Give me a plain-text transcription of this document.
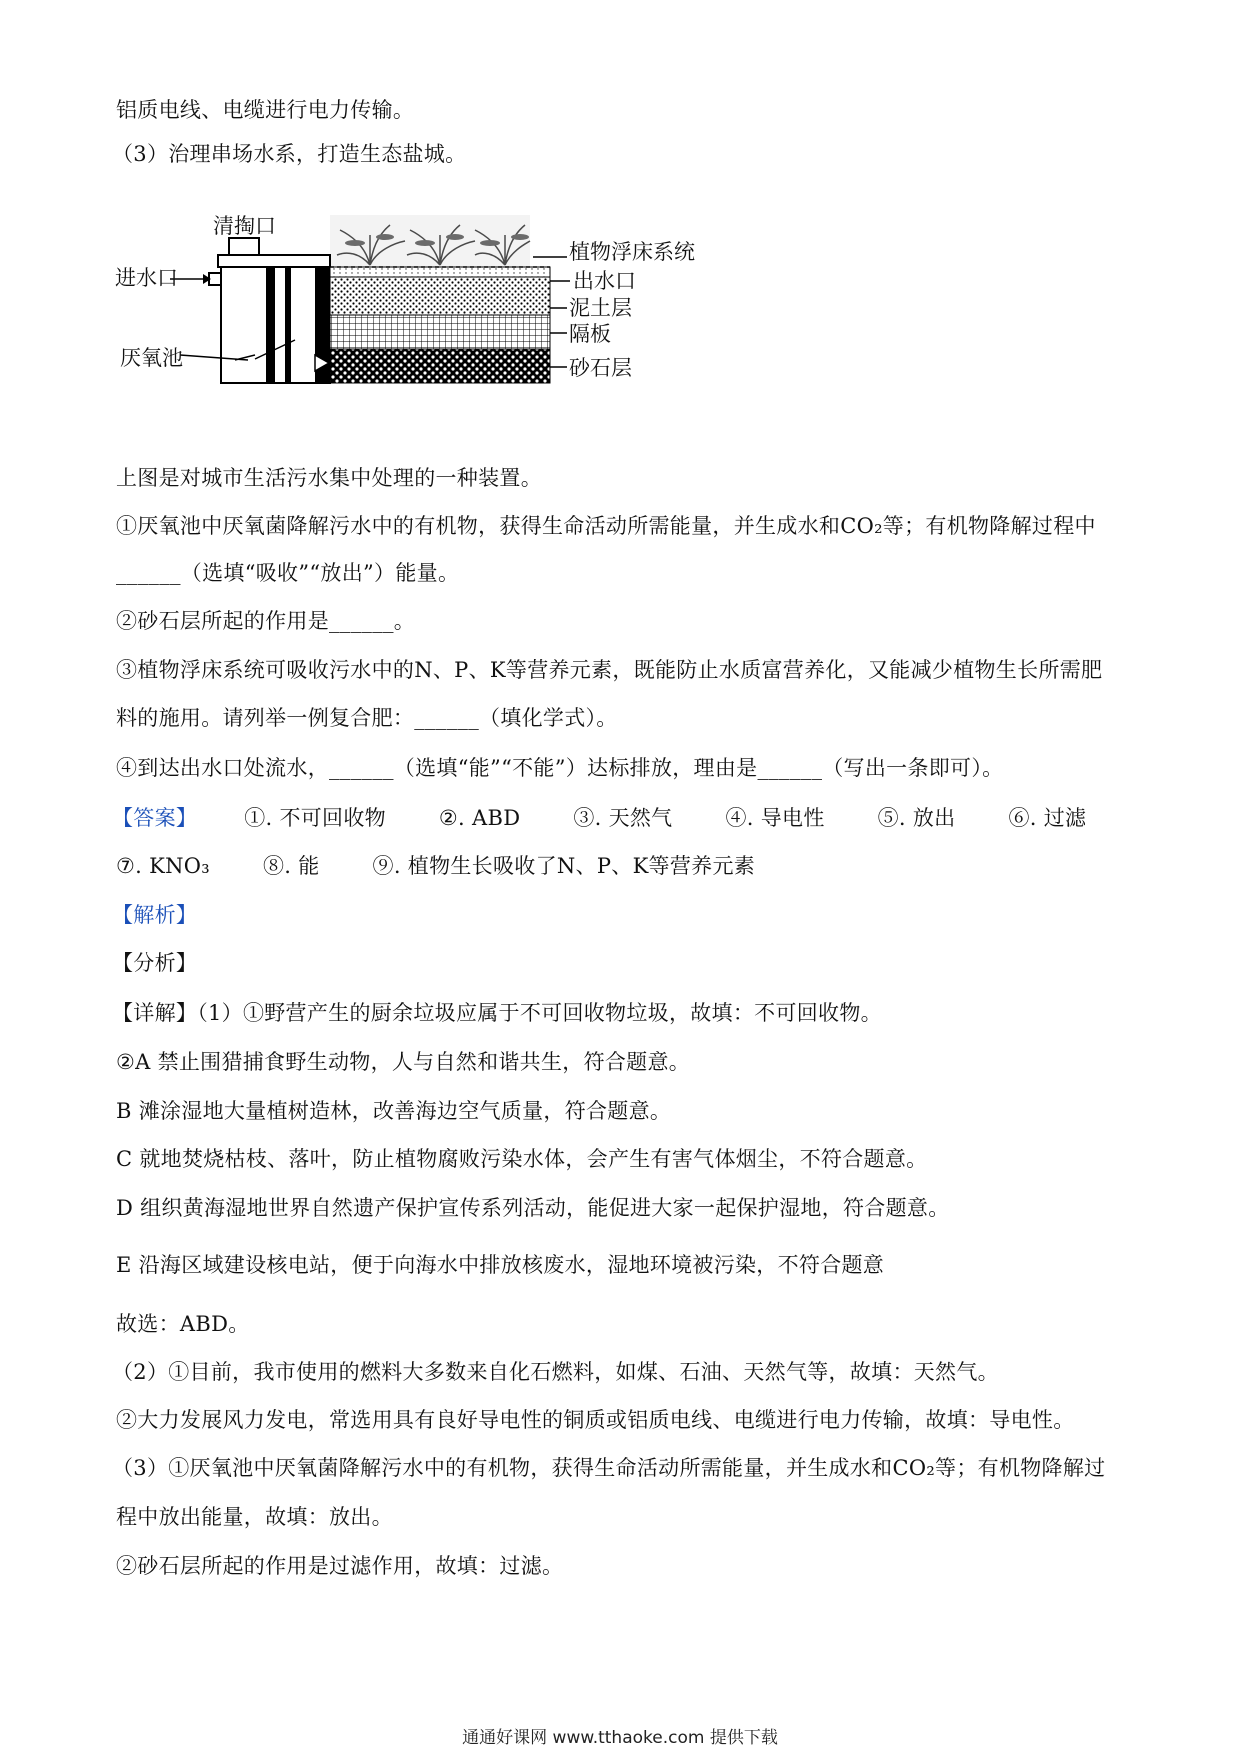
铝质电线、电缆进行电力传输。
（3）治理串场水系，打造生态盐城。
清掏口
进水口
厌氧池
植物浮床系统
出水口
泥土层
隔板
砂石层
上图是对城市生活污水集中处理的一种装置。
①厌氧池中厌氧菌降解污水中的有机物，获得生命活动所需能量，并生成水和CO₂等；有机物降解过程中
______（选填“吸收”“放出”）能量。
②砂石层所起的作用是______。
③植物浮床系统可吸收污水中的N、P、K等营养元素，既能防止水质富营养化，又能减少植物生长所需肥
料的施用。请列举一例复合肥：______（填化学式）。
④到达出水口处流水，______（选填“能”“不能”）达标排放，理由是______（写出一条即可）。
【答案】 ①. 不可回收物	②. ABD	③. 天然气	④. 导电性	⑤. 放出	⑥. 过滤
⑦. KNO₃	⑧. 能	⑨. 植物生长吸收了N、P、K等营养元素
【解析】
【分析】
【详解】（1）①野营产生的厨余垃圾应属于不可回收物垃圾，故填：不可回收物。
②A 禁止围猎捕食野生动物，人与自然和谐共生，符合题意。
B 滩涂湿地大量植树造林，改善海边空气质量，符合题意。
C 就地焚烧枯枝、落叶，防止植物腐败污染水体，会产生有害气体烟尘，不符合题意。
D 组织黄海湿地世界自然遗产保护宣传系列活动，能促进大家一起保护湿地，符合题意。
E 沿海区域建设核电站，便于向海水中排放核废水，湿地环境被污染，不符合题意
故选：ABD。
（2）①目前，我市使用的燃料大多数来自化石燃料，如煤、石油、天然气等，故填：天然气。
②大力发展风力发电，常选用具有良好导电性的铜质或铝质电线、电缆进行电力传输，故填：导电性。
（3）①厌氧池中厌氧菌降解污水中的有机物，获得生命活动所需能量，并生成水和CO₂等；有机物降解过
程中放出能量，故填：放出。
②砂石层所起的作用是过滤作用，故填：过滤。
通通好课网 www.tthaoke.com 提供下载
